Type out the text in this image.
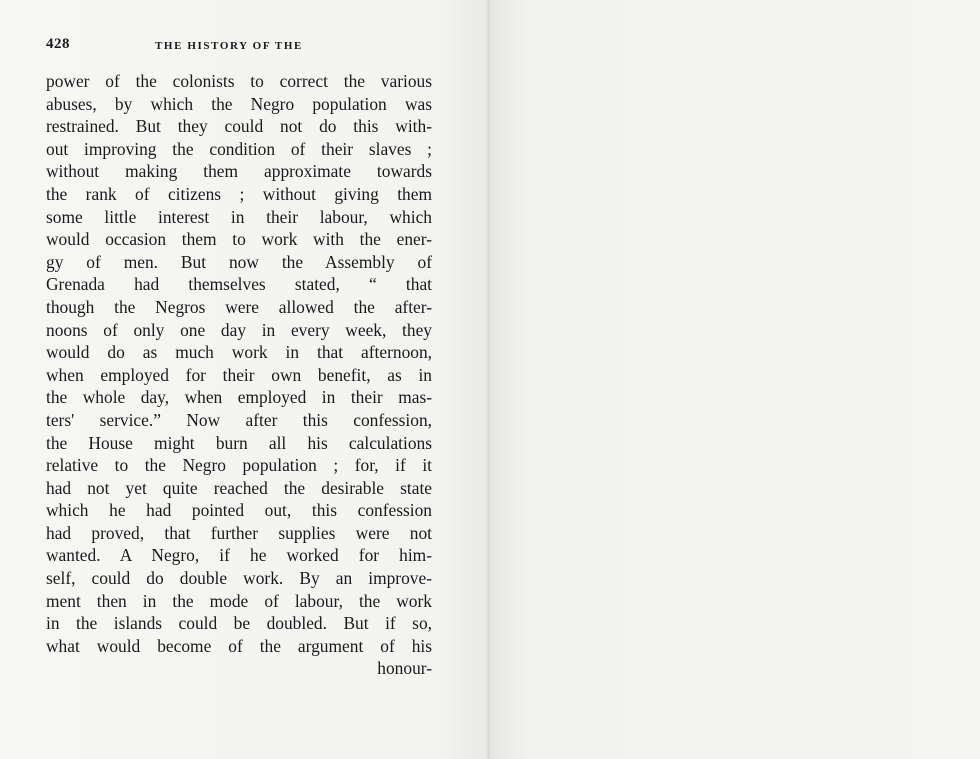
428	THE HISTORY OF THE
power of the colonists to correct the various
abuses, by which the Negro population was
restrained. But they could not do this with-
out improving the condition of their slaves ;
without making them approximate towards
the rank of citizens ; without giving them
some little interest in their labour, which
would occasion them to work with the ener-
gy of men. But now the Assembly of
Grenada had themselves stated, “ that
though the Negros were allowed the after-
noons of only one day in every week, they
would do as much work in that afternoon,
when employed for their own benefit, as in
the whole day, when employed in their mas-
ters' service.” Now after this confession,
the House might burn all his calculations
relative to the Negro population ; for, if it
had not yet quite reached the desirable state
which he had pointed out, this confession
had proved, that further supplies were not
wanted. A Negro, if he worked for him-
self, could do double work. By an improve-
ment then in the mode of labour, the work
in the islands could be doubled. But if so,
what would become of the argument of his
honour-
